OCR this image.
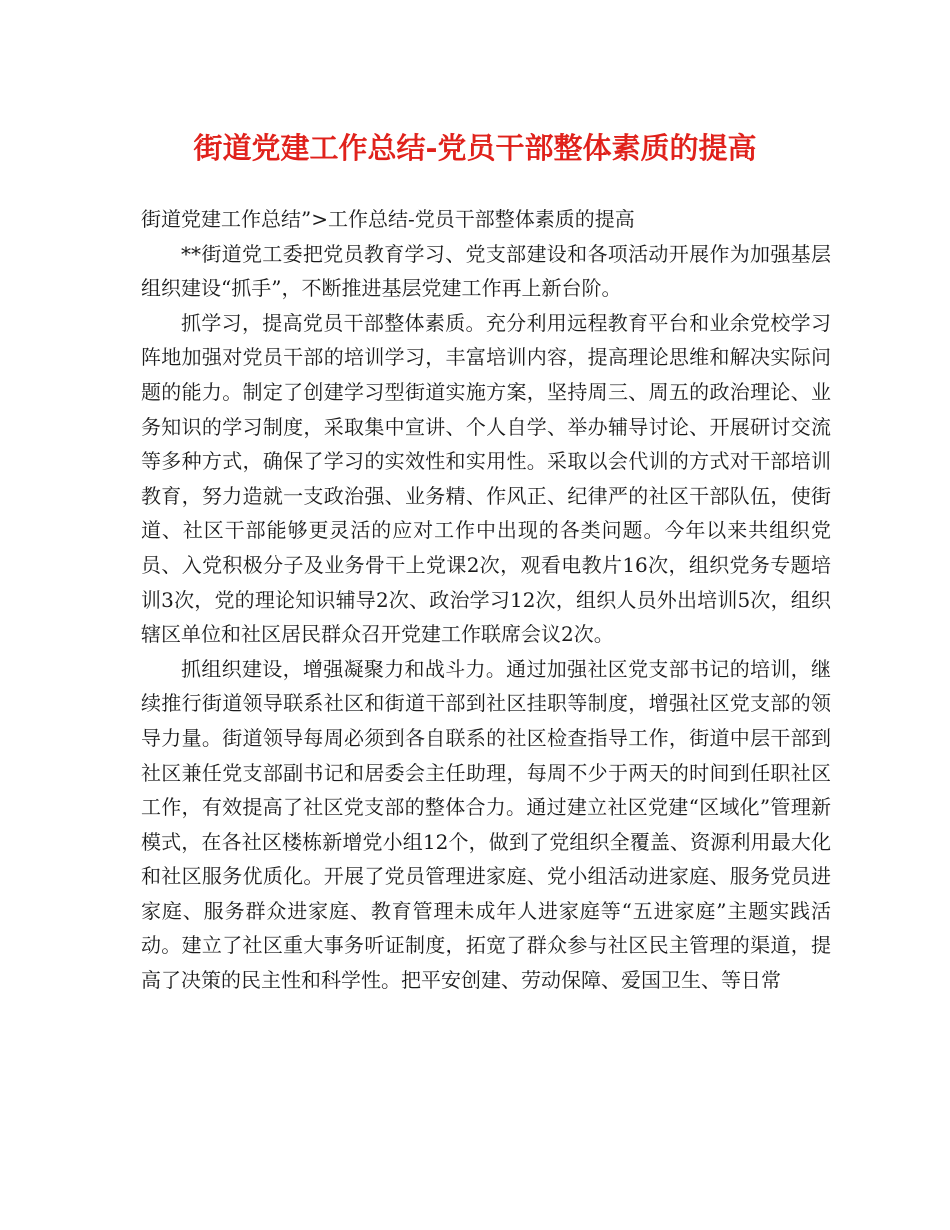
街道党建工作总结-党员干部整体素质的提高

街道党建工作总结”>工作总结-党员干部整体素质的提高

**街道党工委把党员教育学习、党支部建设和各项活动开展作为加强基层组织建设“抓手”，不断推进基层党建工作再上新台阶。

抓学习，提高党员干部整体素质。充分利用远程教育平台和业余党校学习阵地加强对党员干部的培训学习，丰富培训内容，提高理论思维和解决实际问题的能力。制定了创建学习型街道实施方案，坚持周三、周五的政治理论、业务知识的学习制度，采取集中宣讲、个人自学、举办辅导讨论、开展研讨交流等多种方式，确保了学习的实效性和实用性。采取以会代训的方式对干部培训教育，努力造就一支政治强、业务精、作风正、纪律严的社区干部队伍，使街道、社区干部能够更灵活的应对工作中出现的各类问题。今年以来共组织党员、入党积极分子及业务骨干上党课2次，观看电教片16次，组织党务专题培训3次，党的理论知识辅导2次、政治学习12次，组织人员外出培训5次，组织辖区单位和社区居民群众召开党建工作联席会议2次。

抓组织建设，增强凝聚力和战斗力。通过加强社区党支部书记的培训，继续推行街道领导联系社区和街道干部到社区挂职等制度，增强社区党支部的领导力量。街道领导每周必须到各自联系的社区检查指导工作，街道中层干部到社区兼任党支部副书记和居委会主任助理，每周不少于两天的时间到任职社区工作，有效提高了社区党支部的整体合力。通过建立社区党建“区域化”管理新模式，在各社区楼栋新增党小组12个，做到了党组织全覆盖、资源利用最大化和社区服务优质化。开展了党员管理进家庭、党小组活动进家庭、服务党员进家庭、服务群众进家庭、教育管理未成年人进家庭等“五进家庭”主题实践活动。建立了社区重大事务听证制度，拓宽了群众参与社区民主管理的渠道，提高了决策的民主性和科学性。把平安创建、劳动保障、爱国卫生、等日常
